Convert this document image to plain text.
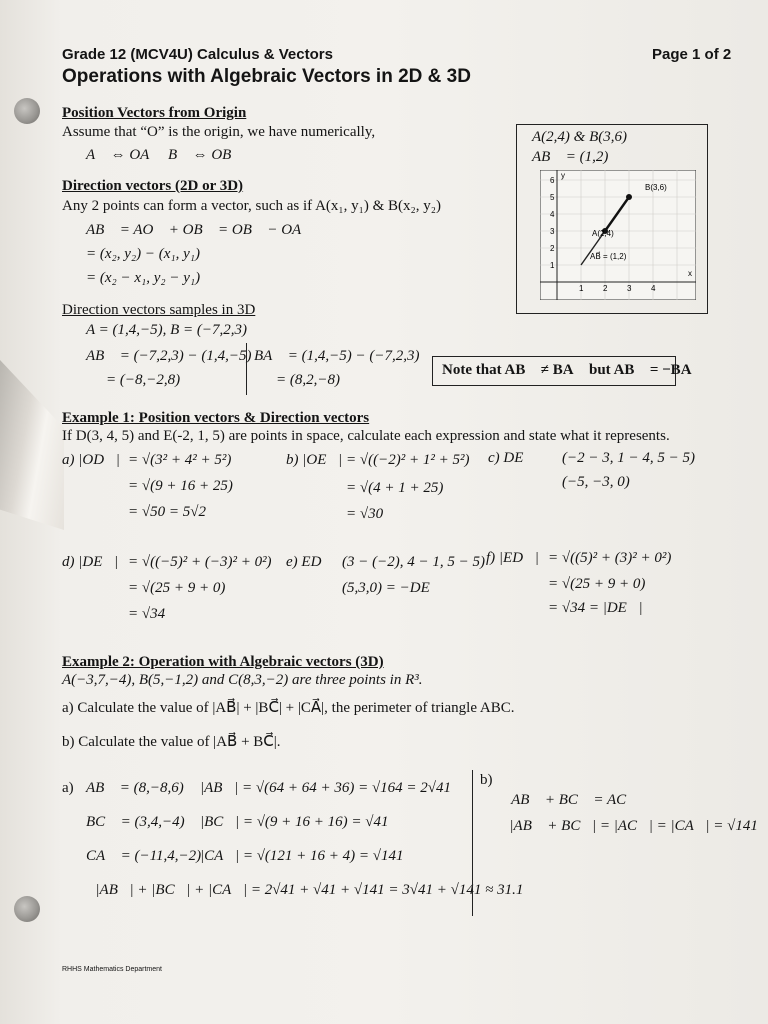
Grade 12 (MCV4U) Calculus & Vectors	Page 1 of 2
Operations with Algebraic Vectors in 2D & 3D
Position Vectors from Origin
Assume that “O” is the origin, we have numerically,
A⃗ ⇔ OA⃗ B⃗ ⇔ OB⃗
A(2,4) & B(3,6)
AB⃗ = (1,2)
B(3,6)
A(2,4)
AB⃗ = (1,2)
y
x
1 2 3 4
1
2
3
4
5
6
Direction vectors (2D or 3D)
Any 2 points can form a vector, such as if A(x₁, y₁) & B(x₂, y₂)
AB⃗ = AO⃗ + OB⃗ = OB⃗ − OA⃗
= (x₂, y₂) − (x₁, y₁)
= (x₂ − x₁, y₂ − y₁)
Direction vectors samples in 3D
A = (1,4,−5), B = (−7,2,3)
AB⃗ = (−7,2,3) − (1,4,−5)
= (−8,−2,8)
BA⃗ = (1,4,−5) − (−7,2,3)
= (8,2,−8)
Note that AB⃗ ≠ BA⃗ but AB⃗ = −BA⃗
Example 1: Position vectors & Direction vectors
If D(3, 4, 5) and E(-2, 1, 5) are points in space, calculate each expression and state what it represents.
a) |OD⃗| = √(3² + 4² + 5²)
= √(9 + 16 + 25)
= √50 = 5√2
b) |OE⃗| = √((−2)² + 1² + 5²)
= √(4 + 1 + 25)
= √30
c) DE⃗ (−2 − 3, 1 − 4, 5 − 5)
(−5, −3, 0)
d) |DE⃗| = √((−5)² + (−3)² + 0²)
= √(25 + 9 + 0)
= √34
e) ED⃗ (3 − (−2), 4 − 1, 5 − 5)
(5,3,0) = −DE⃗
f) |ED⃗| = √((5)² + (3)² + 0²)
= √(25 + 9 + 0)
= √34 = |DE⃗|
Example 2: Operation with Algebraic vectors (3D)
A(−3,7,−4), B(5,−1,2) and C(8,3,−2) are three points in R³.
a) Calculate the value of |AB⃗| + |BC⃗| + |CA⃗|, the perimeter of triangle ABC.
b) Calculate the value of |AB⃗ + BC⃗|.
a) AB⃗ = (8,−8,6) |AB⃗| = √(64 + 64 + 36) = √164 = 2√41
BC⃗ = (3,4,−4) |BC⃗| = √(9 + 16 + 16) = √41
CA⃗ = (−11,4,−2)
|CA⃗| = √(121 + 16 + 4) = √141
∴ |AB⃗| + |BC⃗| + |CA⃗| = 2√41 + √41 + √141 = 3√41 + √141 ≈ 31.1
b)
∵ AB⃗ + BC⃗ = AC⃗
∴ |AB⃗ + BC⃗| = |AC⃗| = |CA⃗| = √141
RHHS Mathematics Department
